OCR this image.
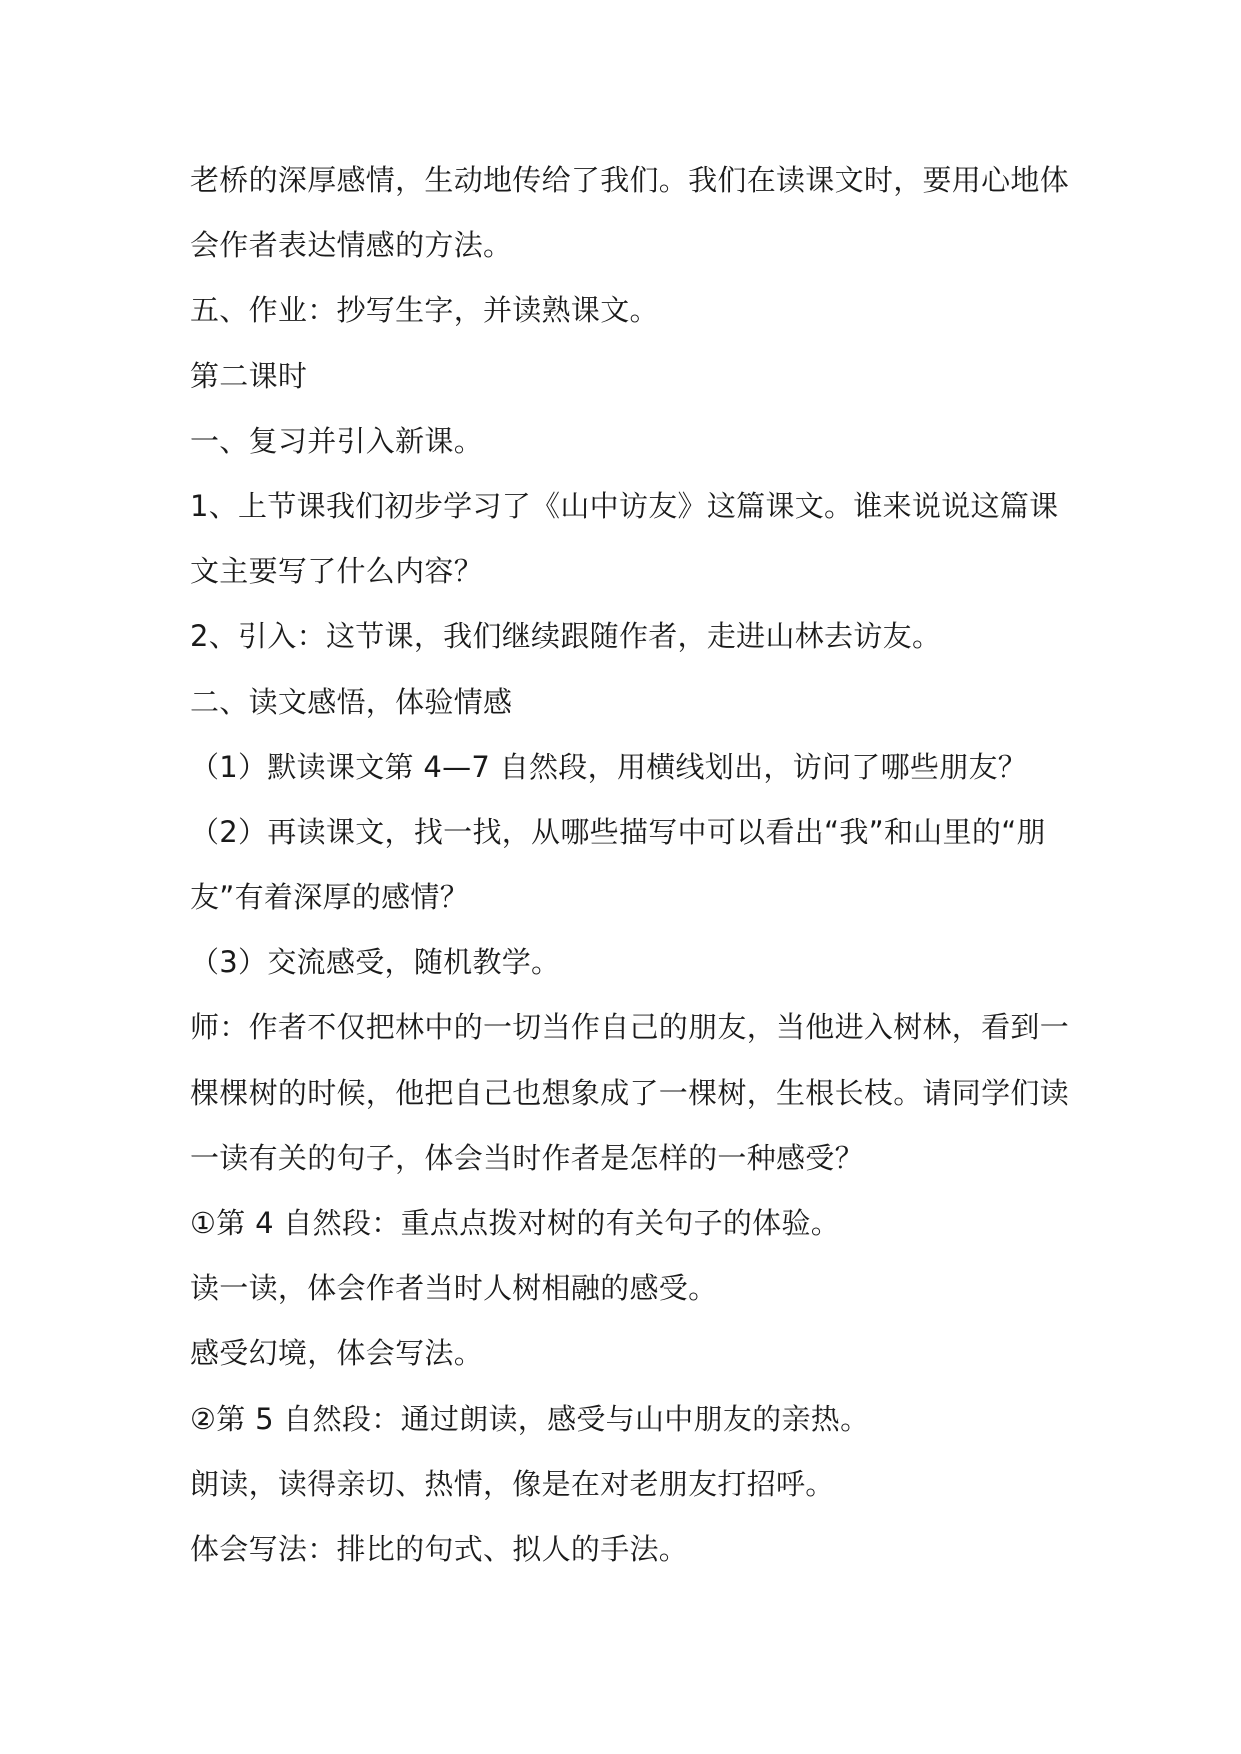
老桥的深厚感情，生动地传给了我们。我们在读课文时，要用心地体
会作者表达情感的方法。
五、作业：抄写生字，并读熟课文。
第二课时
一、复习并引入新课。
1、上节课我们初步学习了《山中访友》这篇课文。谁来说说这篇课
文主要写了什么内容？
2、引入：这节课，我们继续跟随作者，走进山林去访友。
二、读文感悟，体验情感
（1）默读课文第 4—7 自然段，用横线划出，访问了哪些朋友？
（2）再读课文，找一找，从哪些描写中可以看出“我”和山里的“朋
友”有着深厚的感情？
（3）交流感受，随机教学。
师：作者不仅把林中的一切当作自己的朋友，当他进入树林，看到一
棵棵树的时候，他把自己也想象成了一棵树，生根长枝。请同学们读
一读有关的句子，体会当时作者是怎样的一种感受？
①第 4 自然段：重点点拨对树的有关句子的体验。
读一读，体会作者当时人树相融的感受。
感受幻境，体会写法。
②第 5 自然段：通过朗读，感受与山中朋友的亲热。
朗读，读得亲切、热情，像是在对老朋友打招呼。
体会写法：排比的句式、拟人的手法。
